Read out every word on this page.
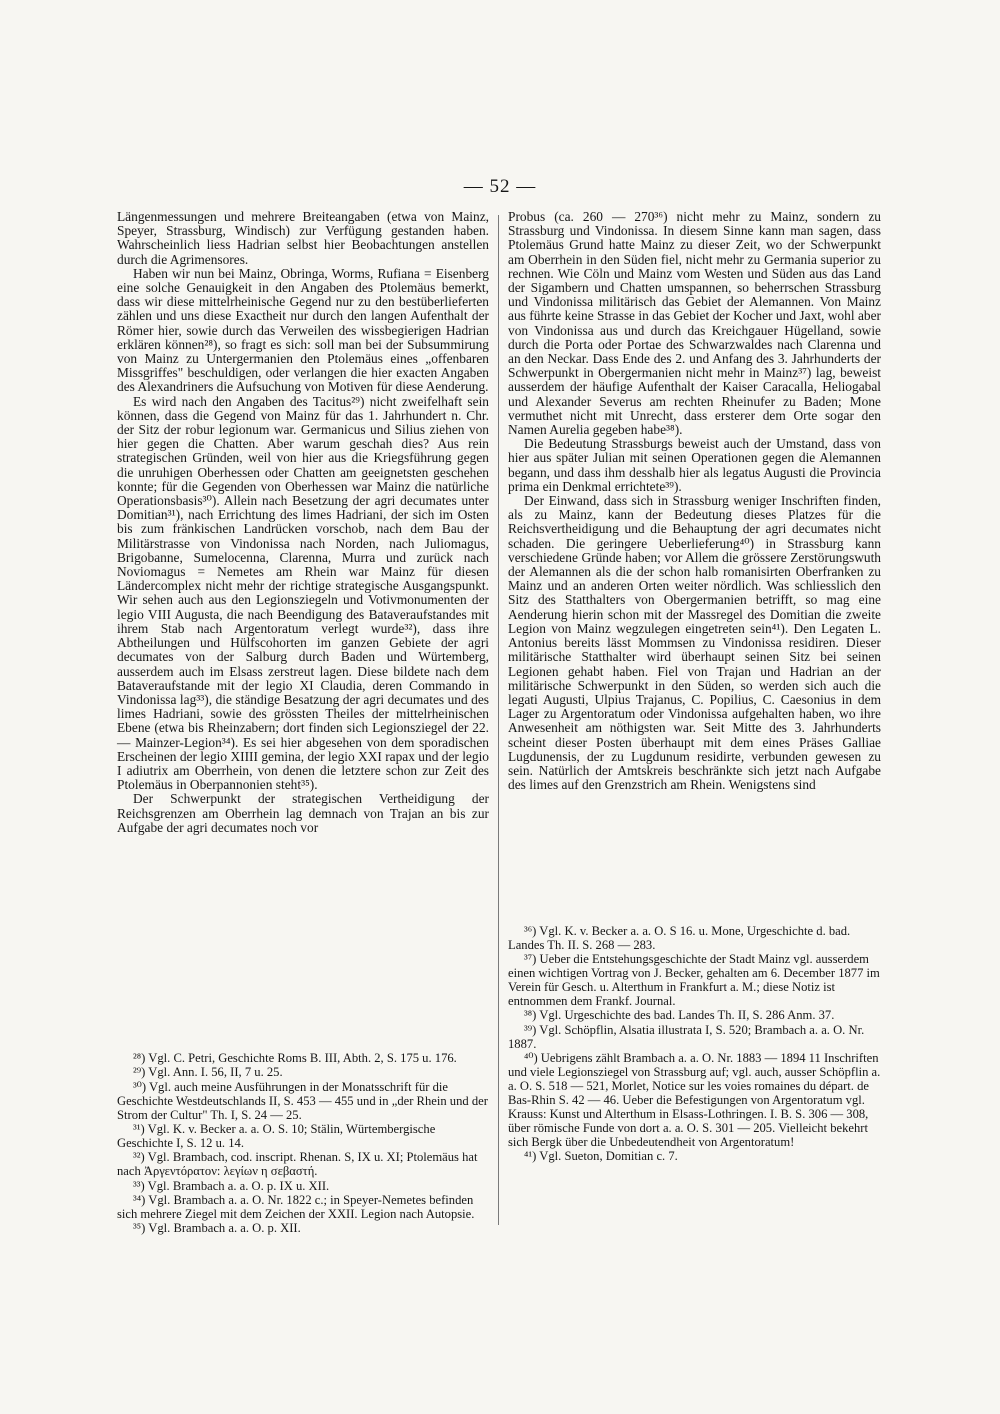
— 52 —

Längenmessungen und mehrere Breiteangaben (etwa von Mainz, Speyer, Strassburg, Windisch) zur Verfügung gestanden haben. Wahrscheinlich liess Hadrian selbst hier Beobachtungen anstellen durch die Agrimensores.

Haben wir nun bei Mainz, Obringa, Worms, Rufiana = Eisenberg eine solche Genauigkeit in den Angaben des Ptolemäus bemerkt, dass wir diese mittelrheinische Gegend nur zu den bestüberlieferten zählen und uns diese Exactheit nur durch den langen Aufenthalt der Römer hier, sowie durch das Verweilen des wissbegierigen Hadrian erklären können²⁸), so fragt es sich: soll man bei der Subsummirung von Mainz zu Untergermanien den Ptolemäus eines „offenbaren Missgriffes" beschuldigen, oder verlangen die hier exacten Angaben des Alexandriners die Aufsuchung von Motiven für diese Aenderung.

Es wird nach den Angaben des Tacitus²⁹) nicht zweifelhaft sein können, dass die Gegend von Mainz für das 1. Jahrhundert n. Chr. der Sitz der robur legionum war. Germanicus und Silius ziehen von hier gegen die Chatten. Aber warum geschah dies? Aus rein strategischen Gründen, weil von hier aus die Kriegsführung gegen die unruhigen Oberhessen oder Chatten am geeignetsten geschehen konnte; für die Gegenden von Oberhessen war Mainz die natürliche Operationsbasis³⁰). Allein nach Besetzung der agri decumates unter Domitian³¹), nach Errichtung des limes Hadriani, der sich im Osten bis zum fränkischen Landrücken vorschob, nach dem Bau der Militärstrasse von Vindonissa nach Norden, nach Juliomagus, Brigobanne, Sumelocenna, Clarenna, Murra und zurück nach Noviomagus = Nemetes am Rhein war Mainz für diesen Ländercomplex nicht mehr der richtige strategische Ausgangspunkt. Wir sehen auch aus den Legionsziegeln und Votivmonumenten der legio VIII Augusta, die nach Beendigung des Bataveraufstandes mit ihrem Stab nach Argentoratum verlegt wurde³²), dass ihre Abtheilungen und Hülfscohorten im ganzen Gebiete der agri decumates von der Salburg durch Baden und Würtemberg, ausserdem auch im Elsass zerstreut lagen. Diese bildete nach dem Bataveraufstande mit der legio XI Claudia, deren Commando in Vindonissa lag³³), die ständige Besatzung der agri decumates und des limes Hadriani, sowie des grössten Theiles der mittelrheinischen Ebene (etwa bis Rheinzabern; dort finden sich Legionsziegel der 22. — Mainzer-Legion³⁴). Es sei hier abgesehen von dem sporadischen Erscheinen der legio XIIII gemina, der legio XXI rapax und der legio I adiutrix am Oberrhein, von denen die letztere schon zur Zeit des Ptolemäus in Oberpannonien steht³⁵).

Der Schwerpunkt der strategischen Vertheidigung der Reichsgrenzen am Oberrhein lag demnach von Trajan an bis zur Aufgabe der agri decumates noch vor

Probus (ca. 260 — 270³⁶) nicht mehr zu Mainz, sondern zu Strassburg und Vindonissa. In diesem Sinne kann man sagen, dass Ptolemäus Grund hatte Mainz zu dieser Zeit, wo der Schwerpunkt am Oberrhein in den Süden fiel, nicht mehr zu Germania superior zu rechnen. Wie Cöln und Mainz vom Westen und Süden aus das Land der Sigambern und Chatten umspannen, so beherrschen Strassburg und Vindonissa militärisch das Gebiet der Alemannen. Von Mainz aus führte keine Strasse in das Gebiet der Kocher und Jaxt, wohl aber von Vindonissa aus und durch das Kreichgauer Hügelland, sowie durch die Porta oder Portae des Schwarzwaldes nach Clarenna und an den Neckar. Dass Ende des 2. und Anfang des 3. Jahrhunderts der Schwerpunkt in Obergermanien nicht mehr in Mainz³⁷) lag, beweist ausserdem der häufige Aufenthalt der Kaiser Caracalla, Heliogabal und Alexander Severus am rechten Rheinufer zu Baden; Mone vermuthet nicht mit Unrecht, dass ersterer dem Orte sogar den Namen Aurelia gegeben habe³⁸).

Die Bedeutung Strassburgs beweist auch der Umstand, dass von hier aus später Julian mit seinen Operationen gegen die Alemannen begann, und dass ihm desshalb hier als legatus Augusti die Provincia prima ein Denkmal errichtete³⁹).

Der Einwand, dass sich in Strassburg weniger Inschriften finden, als zu Mainz, kann der Bedeutung dieses Platzes für die Reichsvertheidigung und die Behauptung der agri decumates nicht schaden. Die geringere Ueberlieferung⁴⁰) in Strassburg kann verschiedene Gründe haben; vor Allem die grössere Zerstörungswuth der Alemannen als die der schon halb romanisirten Oberfranken zu Mainz und an anderen Orten weiter nördlich. Was schliesslich den Sitz des Statthalters von Obergermanien betrifft, so mag eine Aenderung hierin schon mit der Massregel des Domitian die zweite Legion von Mainz wegzulegen eingetreten sein⁴¹). Den Legaten L. Antonius bereits lässt Mommsen zu Vindonissa residiren. Dieser militärische Statthalter wird überhaupt seinen Sitz bei seinen Legionen gehabt haben. Fiel von Trajan und Hadrian an der militärische Schwerpunkt in den Süden, so werden sich auch die legati Augusti, Ulpius Trajanus, C. Popilius, C. Caesonius in dem Lager zu Argentoratum oder Vindonissa aufgehalten haben, wo ihre Anwesenheit am nöthigsten war. Seit Mitte des 3. Jahrhunderts scheint dieser Posten überhaupt mit dem eines Präses Galliae Lugdunensis, der zu Lugdunum residirte, verbunden gewesen zu sein. Natürlich der Amtskreis beschränkte sich jetzt nach Aufgabe des limes auf den Grenzstrich am Rhein. Wenigstens sind

²⁸) Vgl. C. Petri, Geschichte Roms B. III, Abth. 2, S. 175 u. 176.

²⁹) Vgl. Ann. I. 56, II, 7 u. 25.

³⁰) Vgl. auch meine Ausführungen in der Monatsschrift für die Geschichte Westdeutschlands II, S. 453 — 455 und in „der Rhein und der Strom der Cultur" Th. I, S. 24 — 25.

³¹) Vgl. K. v. Becker a. a. O. S. 10; Stälin, Würtembergische Geschichte I, S. 12 u. 14.

³²) Vgl. Brambach, cod. inscript. Rhenan. S, IX u. XI; Ptolemäus hat nach Ἀργεντόρατον: λεγίων η σεβαστή.

³³) Vgl. Brambach a. a. O. p. IX u. XII.

³⁴) Vgl. Brambach a. a. O. Nr. 1822 c.; in Speyer-Nemetes befinden sich mehrere Ziegel mit dem Zeichen der XXII. Legion nach Autopsie.

³⁵) Vgl. Brambach a. a. O. p. XII.

³⁶) Vgl. K. v. Becker a. a. O. S 16. u. Mone, Urgeschichte d. bad. Landes Th. II. S. 268 — 283.

³⁷) Ueber die Entstehungsgeschichte der Stadt Mainz vgl. ausserdem einen wichtigen Vortrag von J. Becker, gehalten am 6. December 1877 im Verein für Gesch. u. Alterthum in Frankfurt a. M.; diese Notiz ist entnommen dem Frankf. Journal.

³⁸) Vgl. Urgeschichte des bad. Landes Th. II, S. 286 Anm. 37.

³⁹) Vgl. Schöpflin, Alsatia illustrata I, S. 520; Brambach a. a. O. Nr. 1887.

⁴⁰) Uebrigens zählt Brambach a. a. O. Nr. 1883 — 1894 11 Inschriften und viele Legionsziegel von Strassburg auf; vgl. auch, ausser Schöpflin a. a. O. S. 518 — 521, Morlet, Notice sur les voies romaines du départ. de Bas-Rhin S. 42 — 46. Ueber die Befestigungen von Argentoratum vgl. Krauss: Kunst und Alterthum in Elsass-Lothringen. I. B. S. 306 — 308, über römische Funde von dort a. a. O. S. 301 — 205. Vielleicht bekehrt sich Bergk über die Unbedeutendheit von Argentoratum!

⁴¹) Vgl. Sueton, Domitian c. 7.
